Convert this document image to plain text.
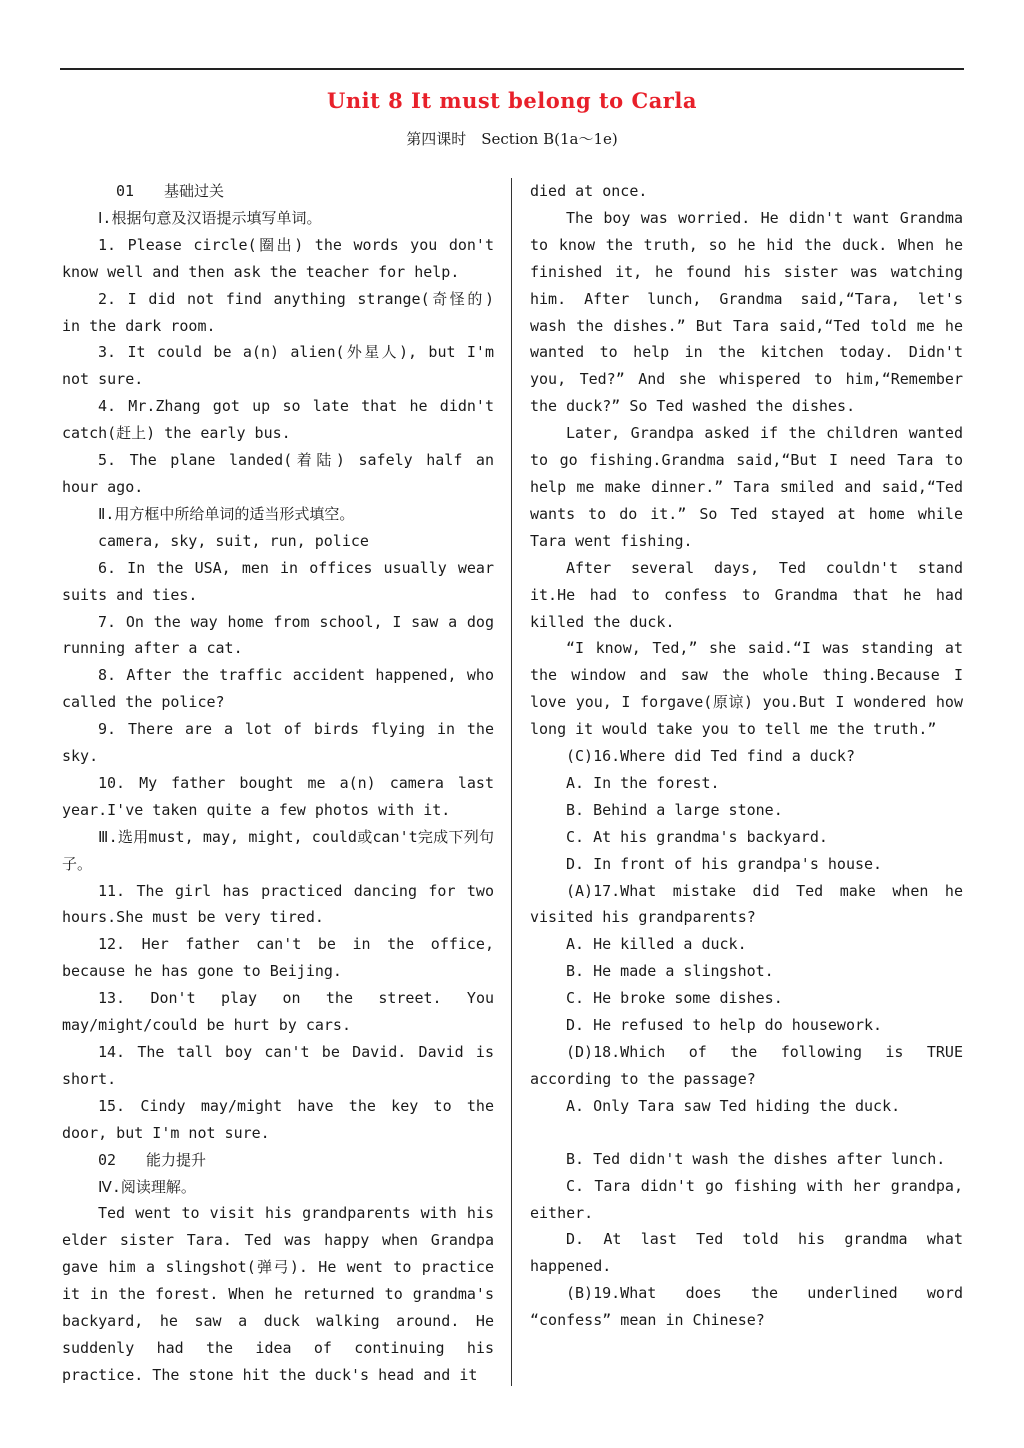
Unit 8 It must belong to Carla
第四课时　Section B(1a～1e)

01　　基础过关

Ⅰ.根据句意及汉语提示填写单词。

1. Please circle(圈出) the words you don't know well and then ask the teacher for help.

2. I did not find anything strange(奇怪的) in the dark room.

3. It could be a(n) alien(外星人), but I'm not sure.

4. Mr.Zhang got up so late that he didn't catch(赶上) the early bus.

5. The plane landed(着陆) safely half an hour ago.

Ⅱ.用方框中所给单词的适当形式填空。

camera, sky, suit, run, police

6. In the USA, men in offices usually wear suits and ties.

7. On the way home from school, I saw a dog running after a cat.

8. After the traffic accident happened, who called the police?

9. There are a lot of birds flying in the sky.

10. My father bought me a(n) camera last year.I've taken quite a few photos with it.

Ⅲ.选用must, may, might, could或can't完成下列句子。

11. The girl has practiced dancing for two hours.She must be very tired.

12. Her father can't be in the office, because he has gone to Beijing.

13. Don't play on the street. You may/might/could be hurt by cars.

14. The tall boy can't be David. David is short.

15. Cindy may/might have the key to the door, but I'm not sure.

02　　能力提升

Ⅳ.阅读理解。

Ted went to visit his grandparents with his elder sister Tara. Ted was happy when Grandpa gave him a slingshot(弹弓). He went to practice it in the forest. When he returned to grandma's backyard, he saw a duck walking around. He suddenly had the idea of continuing his practice. The stone hit the duck's head and it

died at once.

The boy was worried. He didn't want Grandma to know the truth, so he hid the duck. When he finished it, he found his sister was watching him. After lunch, Grandma said,“Tara, let's wash the dishes.” But Tara said,“Ted told me he wanted to help in the kitchen today. Didn't you, Ted?” And she whispered to him,“Remember the duck?” So Ted washed the dishes.

Later, Grandpa asked if the children wanted to go fishing.Grandma said,“But I need Tara to help me make dinner.” Tara smiled and said,“Ted wants to do it.” So Ted stayed at home while Tara went fishing.

After several days, Ted couldn't stand it.He had to confess to Grandma that he had killed the duck.

“I know, Ted,” she said.“I was standing at the window and saw the whole thing.Because I love you, I forgave(原谅) you.But I wondered how long it would take you to tell me the truth.”

(C)16.Where did Ted find a duck?

A. In the forest.

B. Behind a large stone.

C. At his grandma's backyard.

D. In front of his grandpa's house.

(A)17.What mistake did Ted make when he visited his grandparents?

A. He killed a duck.

B. He made a slingshot.

C. He broke some dishes.

D. He refused to help do housework.

(D)18.Which of the following is TRUE according to the passage?

A. Only Tara saw Ted hiding the duck.

B. Ted didn't wash the dishes after lunch.

C. Tara didn't go fishing with her grandpa, either.

D. At last Ted told his grandma what happened.

(B)19.What does the underlined word “confess” mean in Chinese?
